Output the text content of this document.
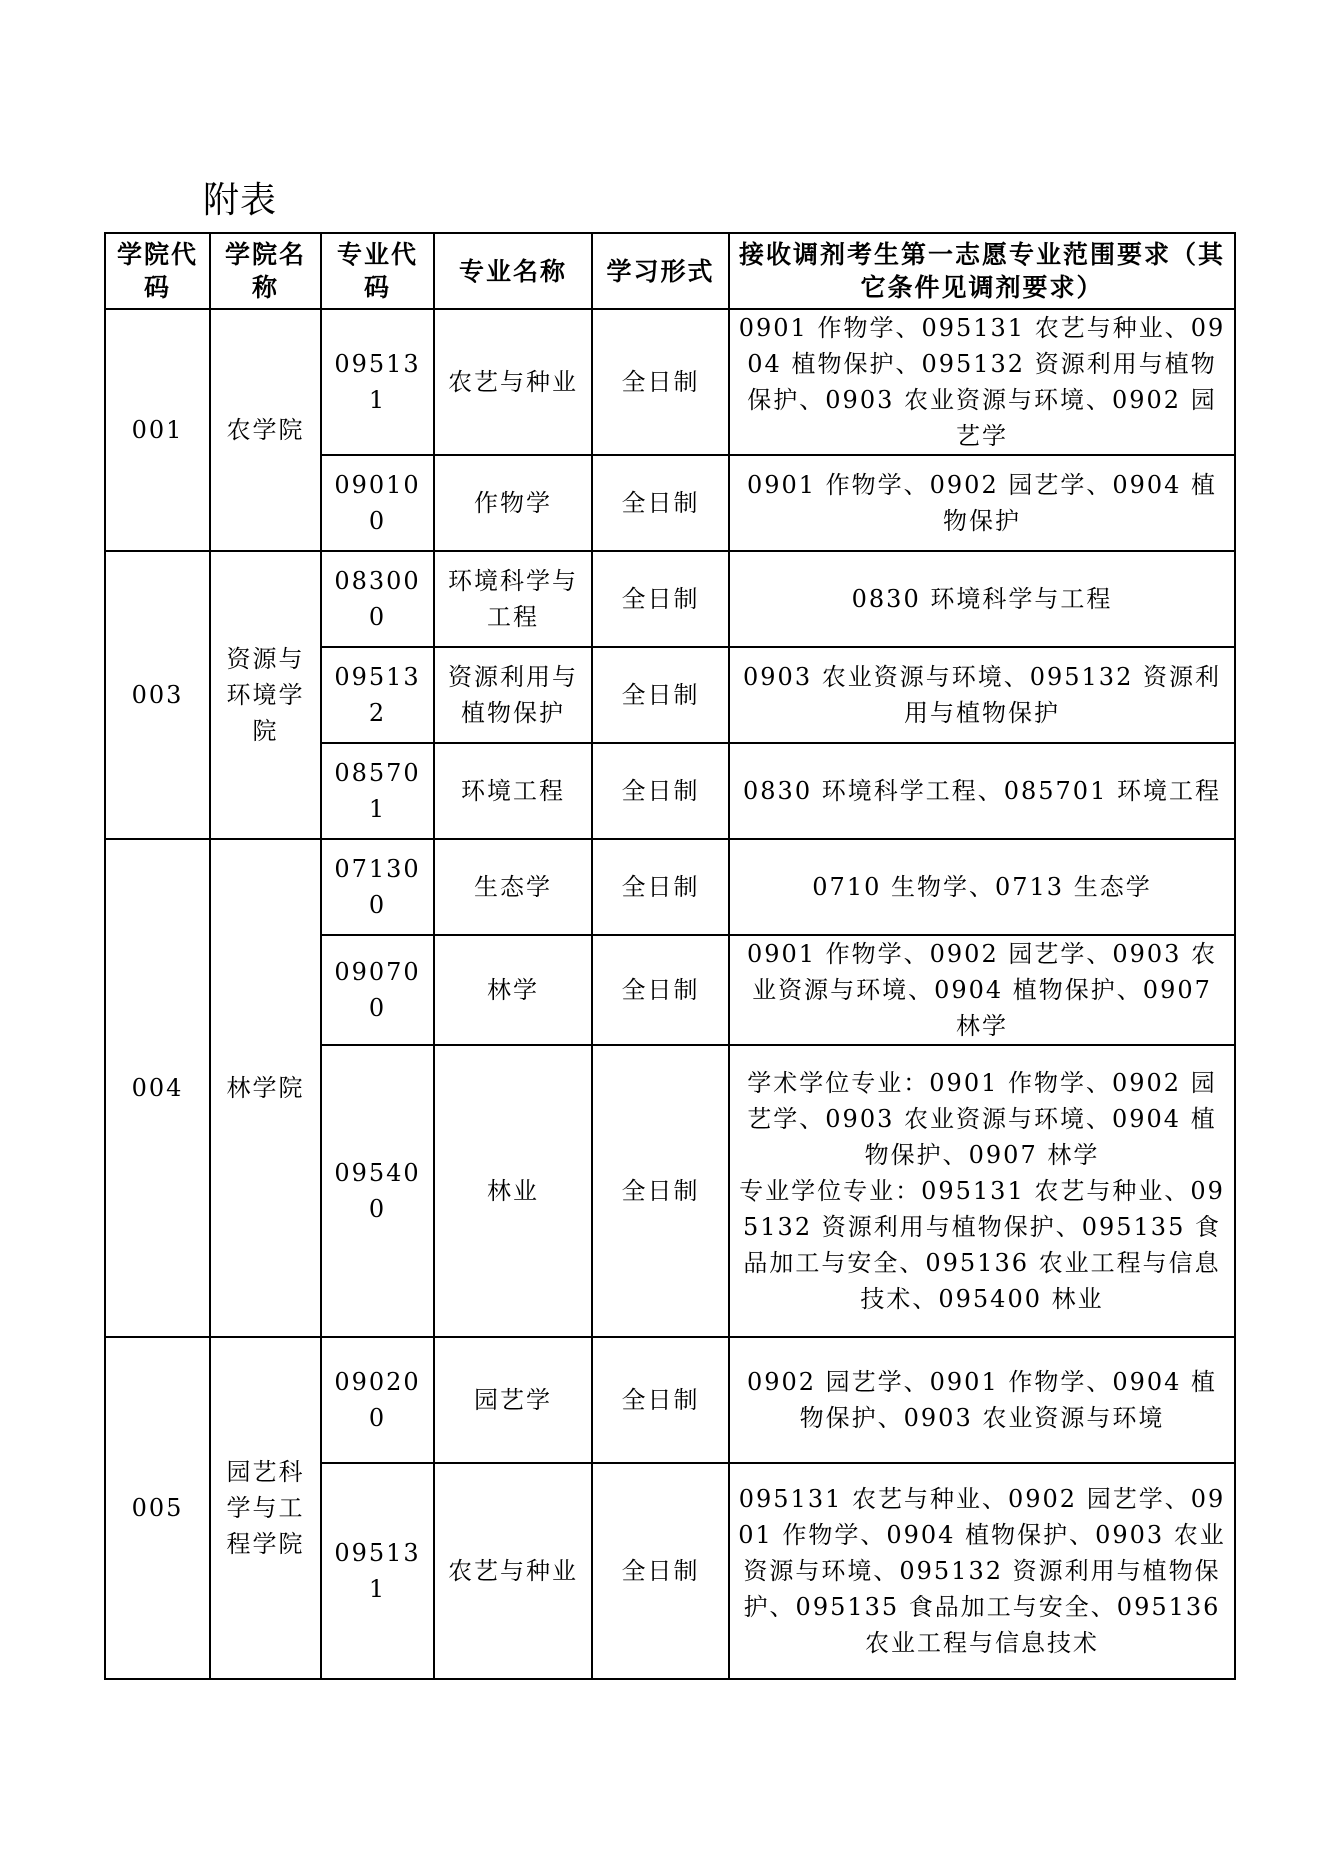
附表
学院代码	学院名称	专业代码	专业名称	学习形式	接收调剂考生第一志愿专业范围要求（其它条件见调剂要求）
001	农学院	095131	农艺与种业	全日制	0901 作物学、095131 农艺与种业、0904 植物保护、095132 资源利用与植物保护、0903 农业资源与环境、0902 园艺学
		090100	作物学	全日制	0901 作物学、0902 园艺学、0904 植物保护
003	资源与环境学院	083000	环境科学与工程	全日制	0830 环境科学与工程
		095132	资源利用与植物保护	全日制	0903 农业资源与环境、095132 资源利用与植物保护
		085701	环境工程	全日制	0830 环境科学工程、085701 环境工程
004	林学院	071300	生态学	全日制	0710 生物学、0713 生态学
		090700	林学	全日制	0901 作物学、0902 园艺学、0903 农业资源与环境、0904 植物保护、0907 林学
		095400	林业	全日制	学术学位专业：0901 作物学、0902 园艺学、0903 农业资源与环境、0904 植物保护、0907 林学
专业学位专业：095131 农艺与种业、095132 资源利用与植物保护、095135 食品加工与安全、095136 农业工程与信息技术、095400 林业

005	园艺科学与工程学院	090200	园艺学	全日制	0902 园艺学、0901 作物学、0904 植物保护、0903 农业资源与环境
		095131	农艺与种业	全日制	095131 农艺与种业、0902 园艺学、0901 作物学、0904 植物保护、0903 农业资源与环境、095132 资源利用与植物保护、095135 食品加工与安全、095136 农业工程与信息技术
